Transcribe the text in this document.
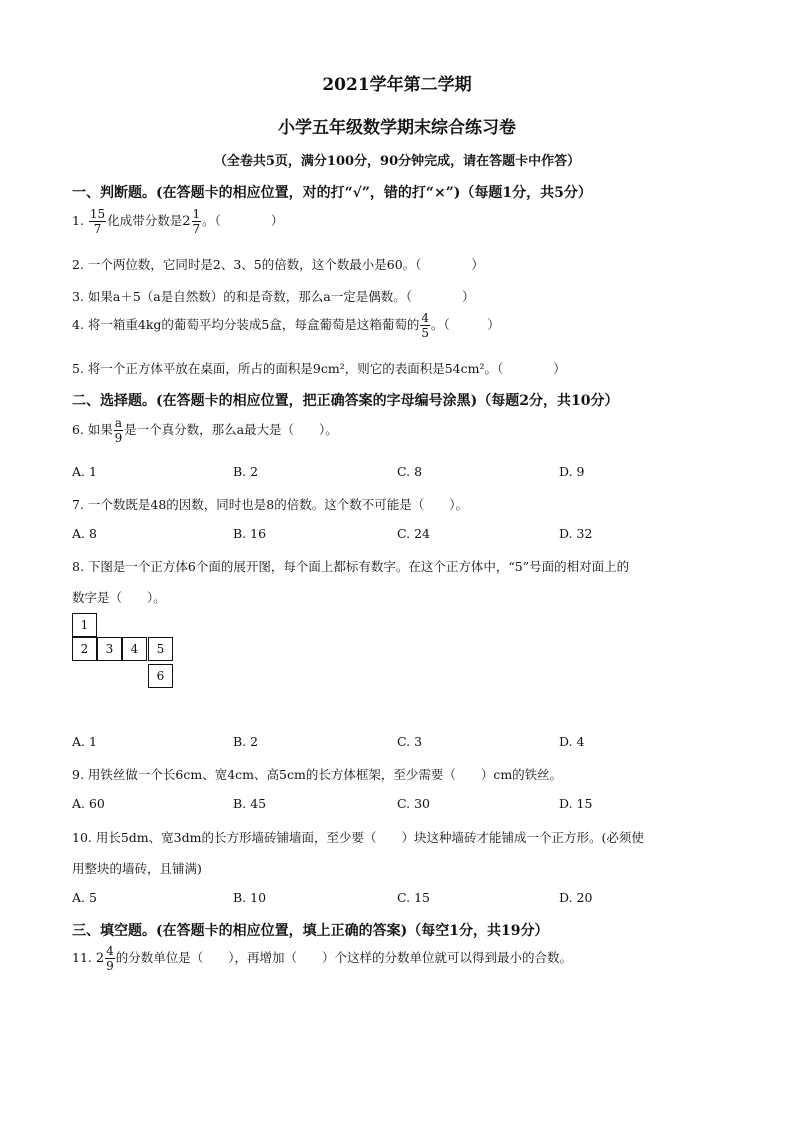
2021学年第二学期
小学五年级数学期末综合练习卷
（全卷共5页，满分100分，90分钟完成，请在答题卡中作答）
一、判断题。(在答题卡的相应位置，对的打“√”，错的打“×”)（每题1分，共5分）
1. $\frac{15}{7}$ 化成带分数是$2 \frac{1}{7}$ 。（　　　　）
2. 一个两位数，它同时是2、3、5的倍数，这个数最小是60。（　　　　）
3. 如果a＋5（a是自然数）的和是奇数，那么a一定是偶数。（　　　　）
4. 将一箱重4kg的葡萄平均分装成5盒，每盒葡萄是这箱葡萄的 $\frac{4}{5}$ 。（　　　）
5. 将一个正方体平放在桌面，所占的面积是9cm²，则它的表面积是54cm²。（　　　　）
二、选择题。(在答题卡的相应位置，把正确答案的字母编号涂黑)（每题2分，共10分）
6. 如果 $\frac{a}{9}$ 是一个真分数，那么a最大是（　　）。
A. 1	B. 2	C. 8	D. 9
7. 一个数既是48的因数，同时也是8的倍数。这个数不可能是（　　）。
A. 8	B. 16	C. 24	D. 32
8. 下图是一个正方体6个面的展开图，每个面上都标有数字。在这个正方体中，“5”号面的相对面上的
数字是（　　）。
1
2	3	4	5
6
A. 1	B. 2	C. 3	D. 4
9. 用铁丝做一个长6cm、宽4cm、高5cm的长方体框架，至少需要（　　）cm的铁丝。
A. 60	B. 45	C. 30	D. 15
10. 用长5dm、宽3dm的长方形墙砖铺墙面，至少要（　　）块这种墙砖才能铺成一个正方形。(必须使
用整块的墙砖，且铺满)
A. 5	B. 10	C. 15	D. 20
三、填空题。(在答题卡的相应位置，填上正确的答案)（每空1分，共19分）
11. $2 \frac{4}{9}$ 的分数单位是（　　），再增加（　　）个这样的分数单位就可以得到最小的合数。
